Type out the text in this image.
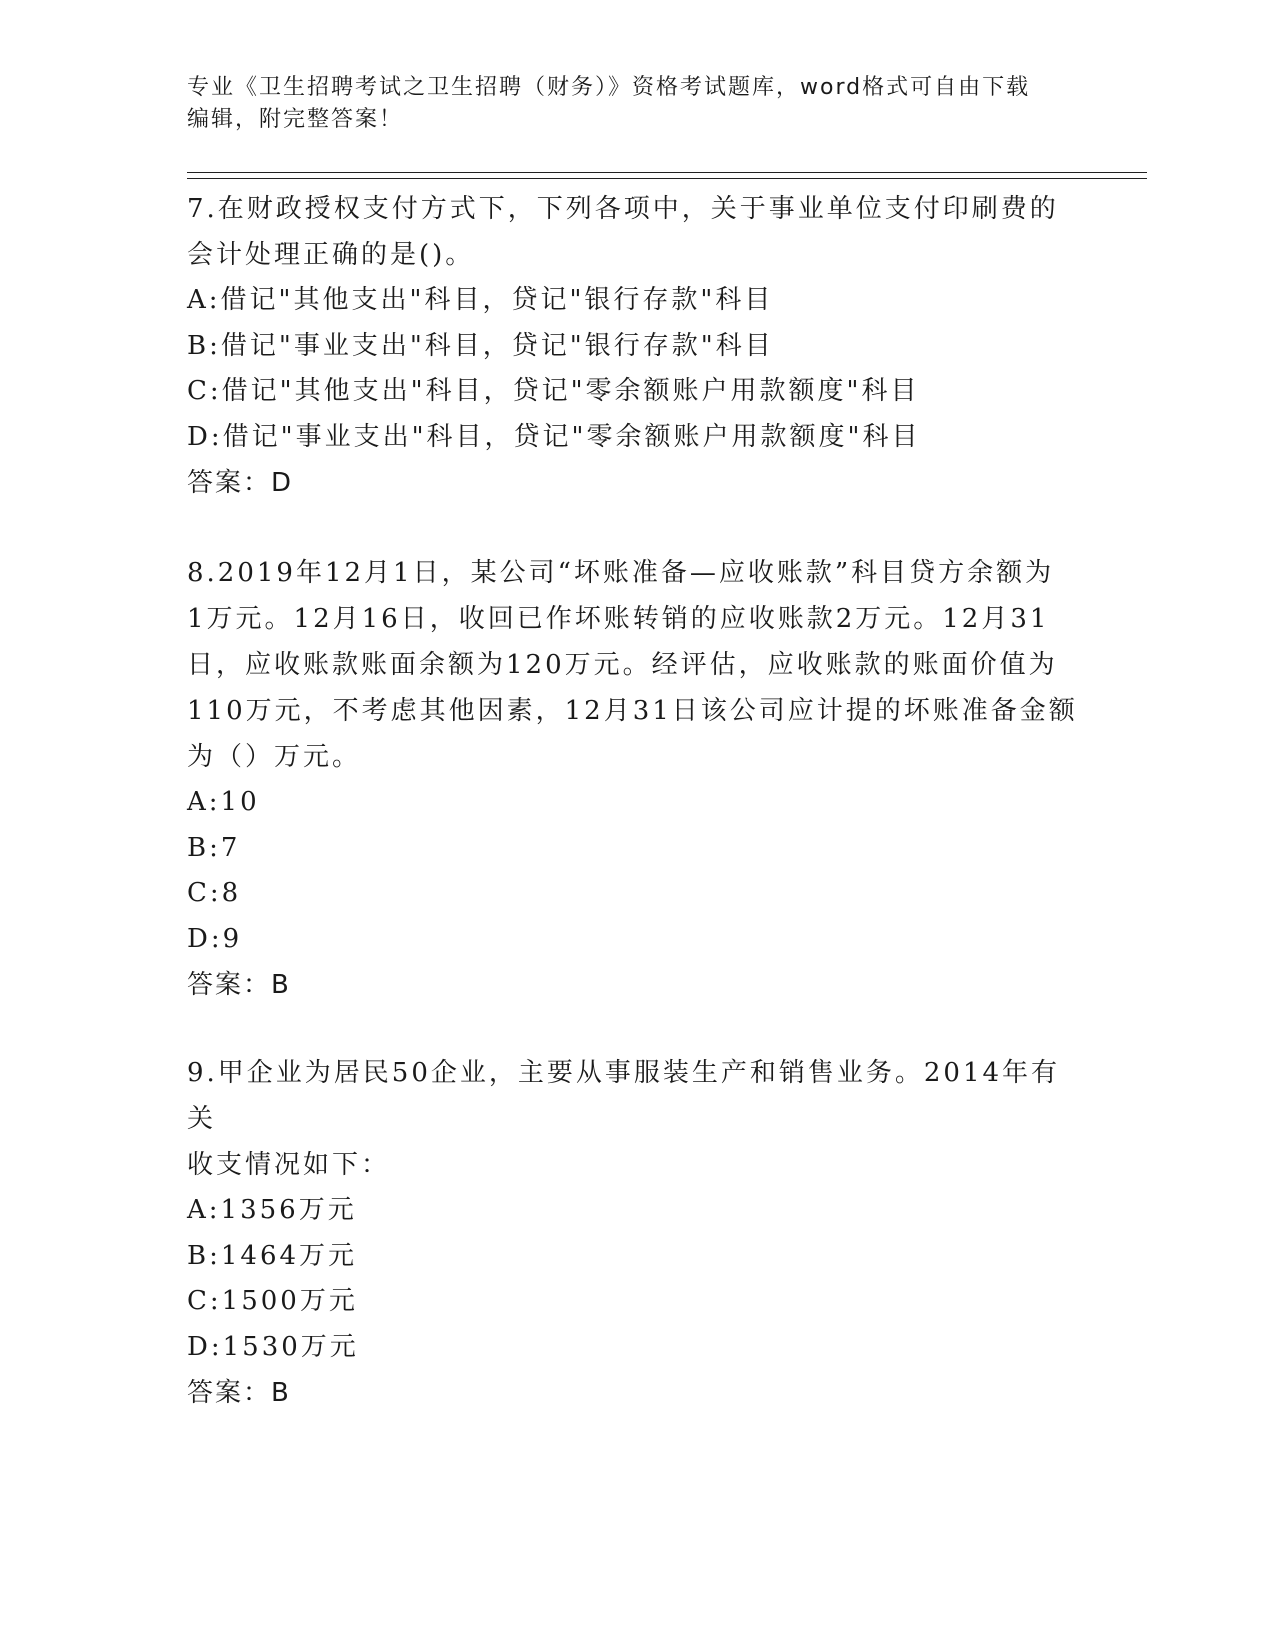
专业《卫生招聘考试之卫生招聘（财务）》资格考试题库，word格式可自由下载
编辑，附完整答案！
7.在财政授权支付方式下，下列各项中，关于事业单位支付印刷费的
会计处理正确的是()。
A:借记"其他支出"科目，贷记"银行存款"科目
B:借记"事业支出"科目，贷记"银行存款"科目
C:借记"其他支出"科目，贷记"零余额账户用款额度"科目
D:借记"事业支出"科目，贷记"零余额账户用款额度"科目
答案：D
8.2019年12月1日，某公司“坏账准备—应收账款”科目贷方余额为
1万元。12月16日，收回已作坏账转销的应收账款2万元。12月31
日，应收账款账面余额为120万元。经评估，应收账款的账面价值为
110万元，不考虑其他因素，12月31日该公司应计提的坏账准备金额
为（）万元。
A:10
B:7
C:8
D:9
答案：B
9.甲企业为居民50企业，主要从事服装生产和销售业务。2014年有关
收支情况如下：
A:1356万元
B:1464万元
C:1500万元
D:1530万元
答案：B
